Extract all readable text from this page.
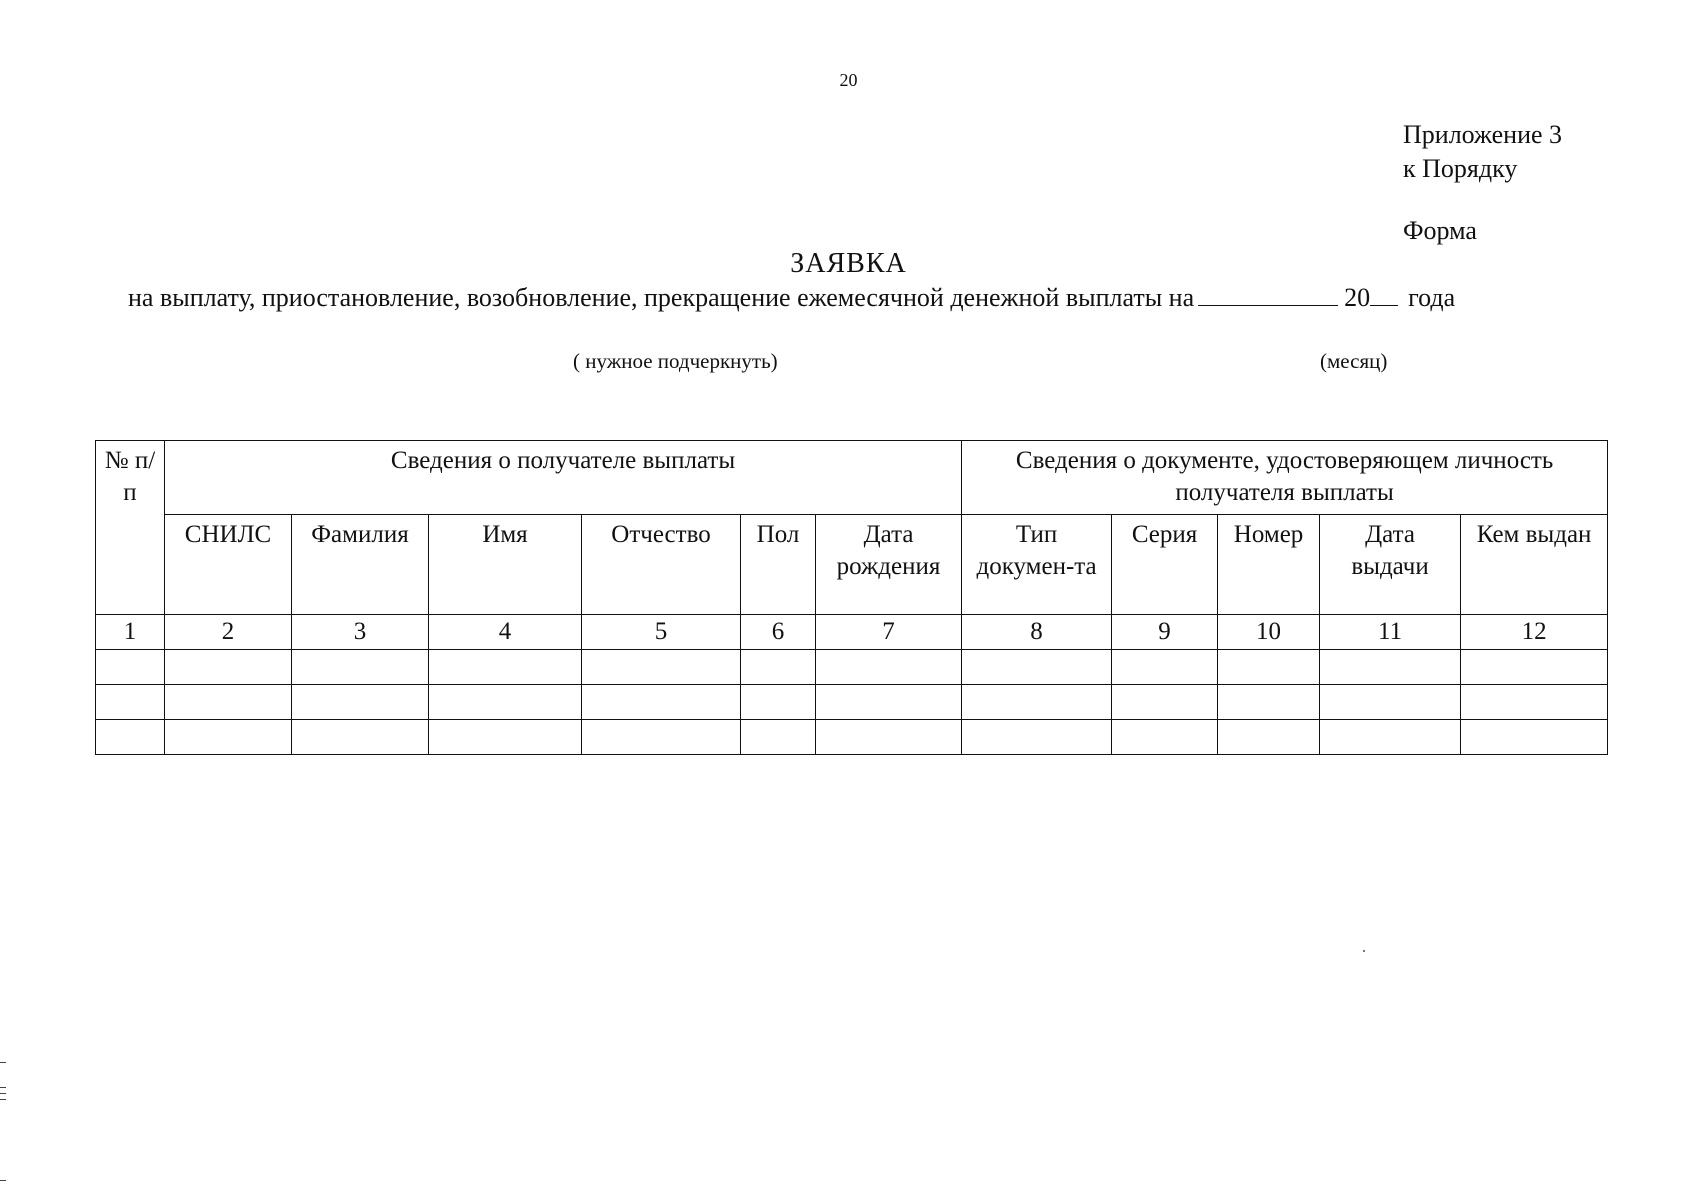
20
Приложение 3
к Порядку
Форма
ЗАЯВКА
на выплату, приостановление, возобновление, прекращение ежемесячной денежной выплаты на	20 года
( нужное подчеркнуть)	(месяц)
№ п/п	Сведения о получателе выплаты						Сведения о документе, удостоверяющем личность получателя выплаты				
	СНИЛС	Фамилия	Имя	Отчество	Пол	Дата рождения	Тип докумен-та	Серия	Номер	Дата выдачи	Кем выдан
1	2	3	4	5	6	7	8	9	10	11	12
